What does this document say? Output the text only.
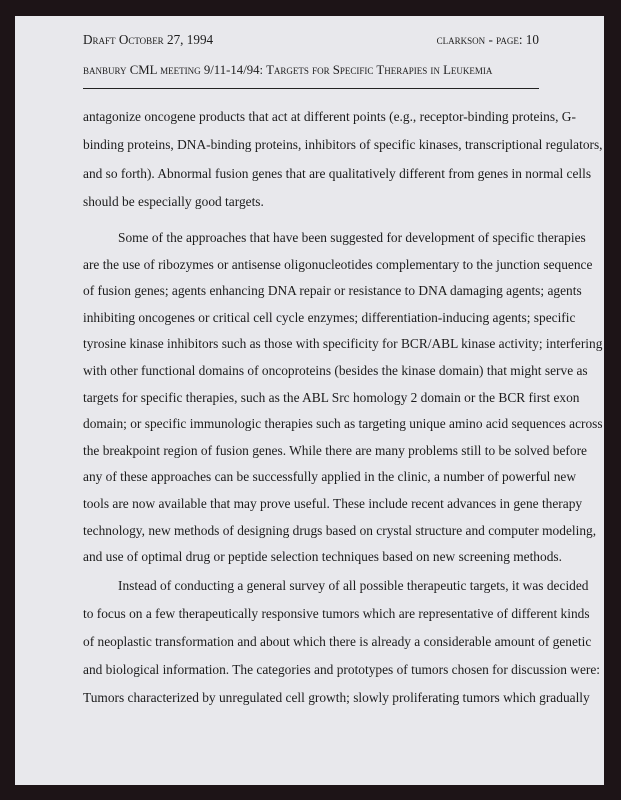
Draft October 27, 1994	clarkson - page: 10
banbury CML meeting 9/11-14/94: Targets for Specific Therapies in Leukemia
antagonize oncogene products that act at different points (e.g., receptor-binding proteins, G-
binding proteins, DNA-binding proteins, inhibitors of specific kinases, transcriptional regulators,
and so forth). Abnormal fusion genes that are qualitatively different from genes in normal cells
should be especially good targets.
Some of the approaches that have been suggested for development of specific therapies
are the use of ribozymes or antisense oligonucleotides complementary to the junction sequence
of fusion genes; agents enhancing DNA repair or resistance to DNA damaging agents; agents
inhibiting oncogenes or critical cell cycle enzymes; differentiation-inducing agents; specific
tyrosine kinase inhibitors such as those with specificity for BCR/ABL kinase activity; interfering
with other functional domains of oncoproteins (besides the kinase domain) that might serve as
targets for specific therapies, such as the ABL Src homology 2 domain or the BCR first exon
domain; or specific immunologic therapies such as targeting unique amino acid sequences across
the breakpoint region of fusion genes. While there are many problems still to be solved before
any of these approaches can be successfully applied in the clinic, a number of powerful new
tools are now available that may prove useful. These include recent advances in gene therapy
technology, new methods of designing drugs based on crystal structure and computer modeling,
and use of optimal drug or peptide selection techniques based on new screening methods.
Instead of conducting a general survey of all possible therapeutic targets, it was decided
to focus on a few therapeutically responsive tumors which are representative of different kinds
of neoplastic transformation and about which there is already a considerable amount of genetic
and biological information. The categories and prototypes of tumors chosen for discussion were:
Tumors characterized by unregulated cell growth; slowly proliferating tumors which gradually
